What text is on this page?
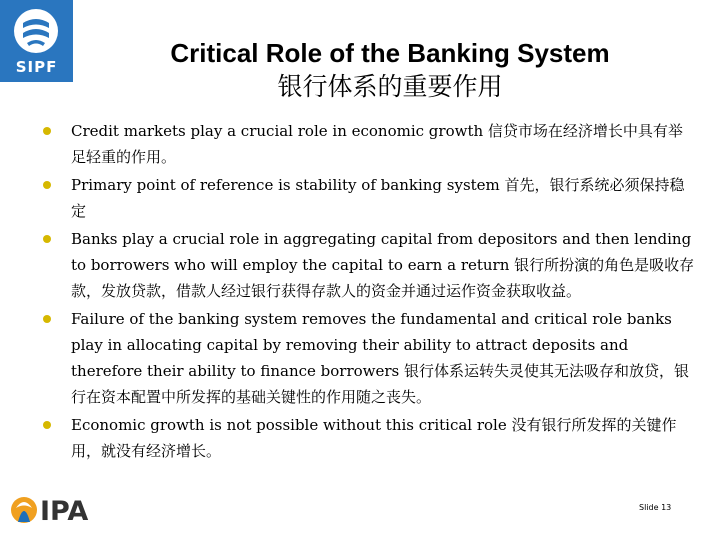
SIPF	Critical Role of the Banking System
银行体系的重要作用
Credit markets play a crucial role in economic growth 信贷市场在经济增长中具有举足轻重的作用。
Primary point of reference is stability of banking system 首先，银行系统必须保持稳定
Banks play a crucial role in aggregating capital from depositors and then lending to borrowers who will employ the capital to earn a return 银行所扮演的角色是吸收存款，发放贷款，借款人经过银行获得存款人的资金并通过运作资金获取收益。
Failure of the banking system removes the fundamental and critical role banks play in allocating capital by removing their ability to attract deposits and therefore their ability to finance borrowers 银行体系运转失灵使其无法吸存和放贷，银行在资本配置中所发挥的基础关键性的作用随之丧失。
Economic growth is not possible without this critical role 没有银行所发挥的关键作用，就没有经济增长。
IPA	Slide 13
